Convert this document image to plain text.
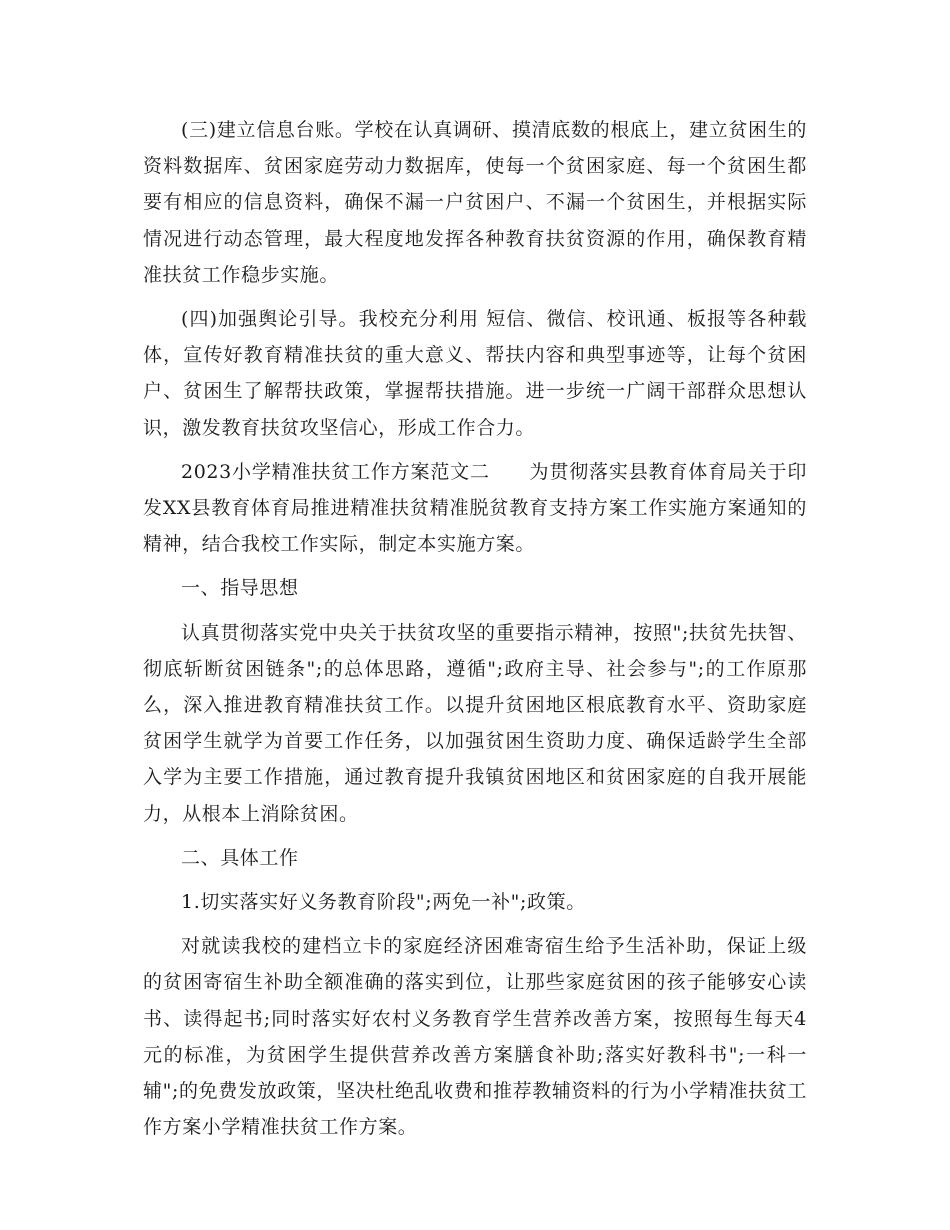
(三)建立信息台账。学校在认真调研、摸清底数的根底上，建立贫困生的资料数据库、贫困家庭劳动力数据库，使每一个贫困家庭、每一个贫困生都要有相应的信息资料，确保不漏一户贫困户、不漏一个贫困生，并根据实际情况进行动态管理，最大程度地发挥各种教育扶贫资源的作用，确保教育精准扶贫工作稳步实施。

(四)加强舆论引导。我校充分利用 短信、微信、校讯通、板报等各种载体，宣传好教育精准扶贫的重大意义、帮扶内容和典型事迹等，让每个贫困户、贫困生了解帮扶政策，掌握帮扶措施。进一步统一广阔干部群众思想认识，激发教育扶贫攻坚信心，形成工作合力。

2023小学精准扶贫工作方案范文二　　为贯彻落实县教育体育局关于印发XX县教育体育局推进精准扶贫精准脱贫教育支持方案工作实施方案通知的精神，结合我校工作实际，制定本实施方案。

一、指导思想

认真贯彻落实党中央关于扶贫攻坚的重要指示精神，按照";扶贫先扶智、彻底斩断贫困链条";的总体思路，遵循";政府主导、社会参与";的工作原那么，深入推进教育精准扶贫工作。以提升贫困地区根底教育水平、资助家庭贫困学生就学为首要工作任务，以加强贫困生资助力度、确保适龄学生全部入学为主要工作措施，通过教育提升我镇贫困地区和贫困家庭的自我开展能力，从根本上消除贫困。

二、具体工作

1.切实落实好义务教育阶段";两免一补";政策。

对就读我校的建档立卡的家庭经济困难寄宿生给予生活补助，保证上级的贫困寄宿生补助全额准确的落实到位，让那些家庭贫困的孩子能够安心读书、读得起书;同时落实好农村义务教育学生营养改善方案，按照每生每天4元的标准，为贫困学生提供营养改善方案膳食补助;落实好教科书";一科一辅";的免费发放政策，坚决杜绝乱收费和推荐教辅资料的行为小学精准扶贫工作方案小学精准扶贫工作方案。
